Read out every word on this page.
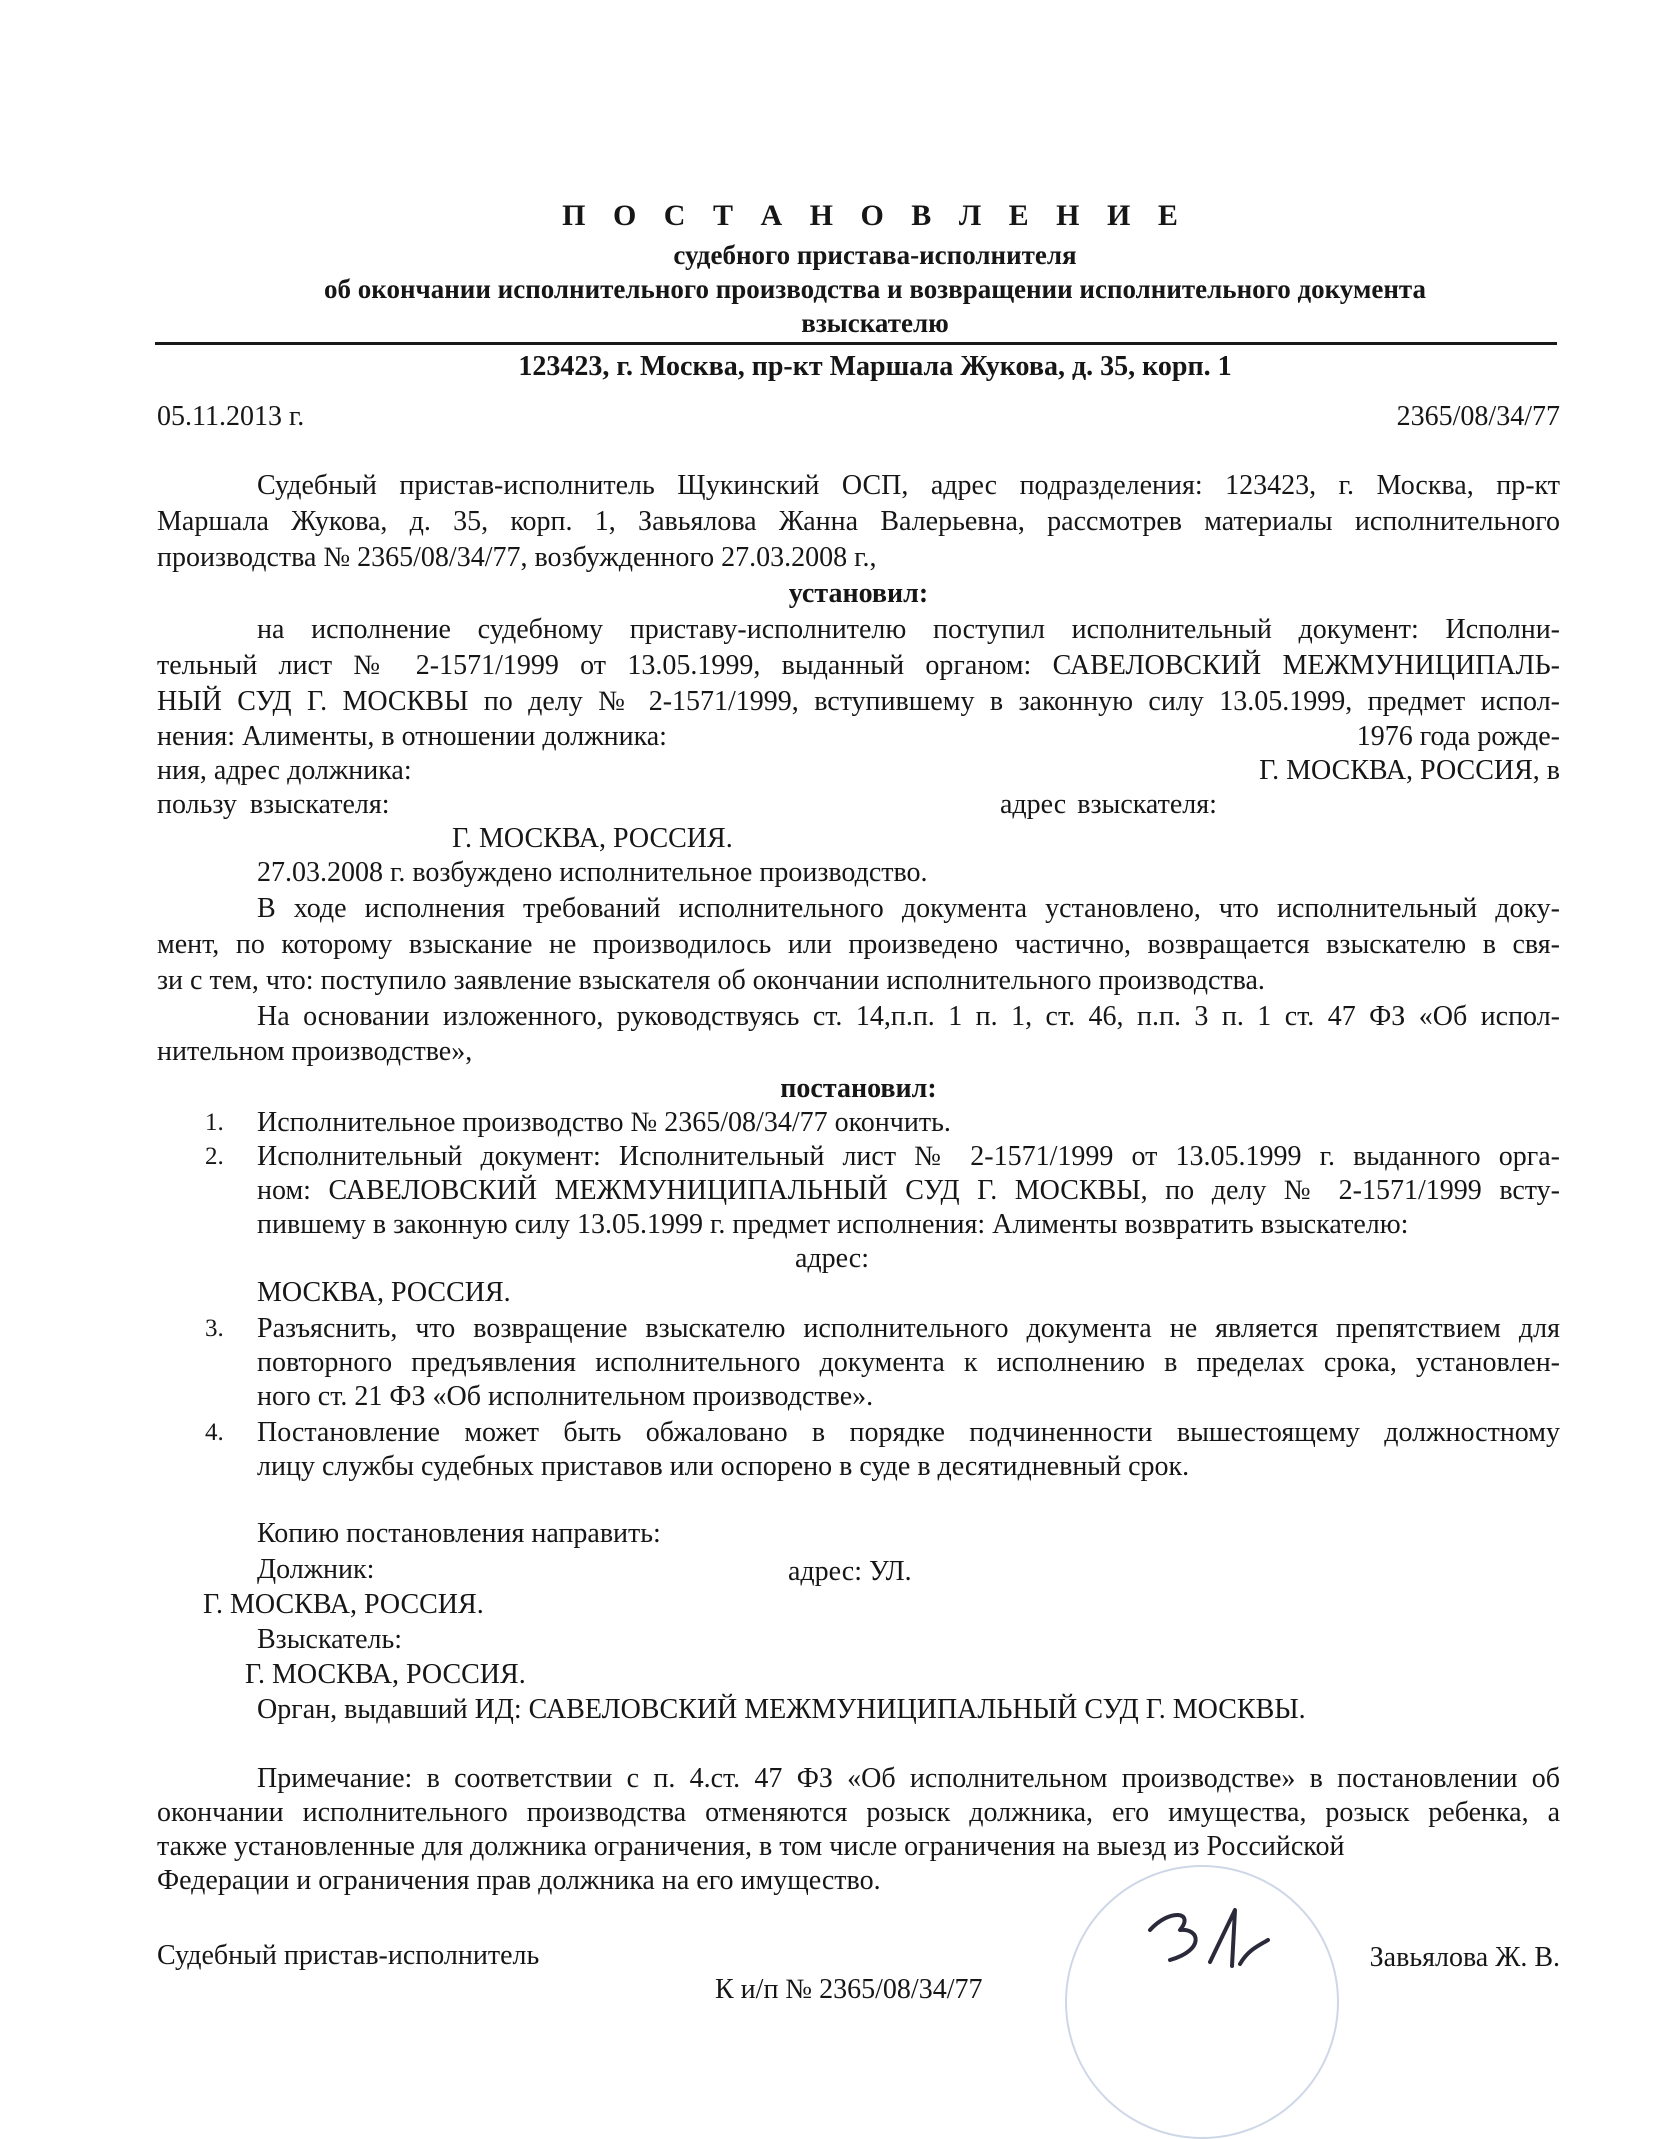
П О С Т А Н О В Л Е Н И Е
судебного пристава-исполнителя
об окончании исполнительного производства и возвращении исполнительного документа
взыскателю
123423, г. Москва, пр-кт Маршала Жукова, д. 35, корп. 1
05.11.2013 г.	2365/08/34/77
Судебный пристав-исполнитель Щукинский ОСП, адрес подразделения: 123423, г. Москва, пр-кт
Маршала Жукова, д. 35, корп. 1, Завьялова Жанна Валерьевна, рассмотрев материалы исполнительного
производства № 2365/08/34/77, возбужденного 27.03.2008 г.,
установил:
на исполнение судебному приставу-исполнителю поступил исполнительный документ: Исполни-
тельный лист № 2-1571/1999 от 13.05.1999, выданный органом: САВЕЛОВСКИЙ МЕЖМУНИЦИПАЛЬ-
НЫЙ СУД Г. МОСКВЫ по делу № 2-1571/1999, вступившему в законную силу 13.05.1999, предмет испол-
нения: Алименты, в отношении должника:	1976 года рожде-
ния, адрес должника:	Г. МОСКВА, РОССИЯ, в
пользу взыскателя:	адрес взыскателя:
Г. МОСКВА, РОССИЯ.
27.03.2008 г. возбуждено исполнительное производство.
В ходе исполнения требований исполнительного документа установлено, что исполнительный доку-
мент, по которому взыскание не производилось или произведено частично, возвращается взыскателю в свя-
зи с тем, что: поступило заявление взыскателя об окончании исполнительного производства.
На основании изложенного, руководствуясь ст. 14,п.п. 1 п. 1, ст. 46, п.п. 3 п. 1 ст. 47 ФЗ «Об испол-
нительном производстве»,
постановил:
1. Исполнительное производство № 2365/08/34/77 окончить.
2. Исполнительный документ: Исполнительный лист № 2-1571/1999 от 13.05.1999 г. выданного орга-
ном: САВЕЛОВСКИЙ МЕЖМУНИЦИПАЛЬНЫЙ СУД Г. МОСКВЫ, по делу № 2-1571/1999 всту-
пившему в законную силу 13.05.1999 г. предмет исполнения: Алименты возвратить взыскателю:
адрес:
МОСКВА, РОССИЯ.
3. Разъяснить, что возвращение взыскателю исполнительного документа не является препятствием для
повторного предъявления исполнительного документа к исполнению в пределах срока, установлен-
ного ст. 21 ФЗ «Об исполнительном производстве».
4. Постановление может быть обжаловано в порядке подчиненности вышестоящему должностному
лицу службы судебных приставов или оспорено в суде в десятидневный срок.
Копию постановления направить:
Должник:	адрес: УЛ.
Г. МОСКВА, РОССИЯ.
Взыскатель:
Г. МОСКВА, РОССИЯ.
Орган, выдавший ИД: САВЕЛОВСКИЙ МЕЖМУНИЦИПАЛЬНЫЙ СУД Г. МОСКВЫ.
Примечание: в соответствии с п. 4.ст. 47 ФЗ «Об исполнительном производстве» в постановлении об
окончании исполнительного производства отменяются розыск должника, его имущества, розыск ребенка, а
также установленные для должника ограничения, в том числе ограничения на выезд из Российской
Федерации и ограничения прав должника на его имущество.
Судебный пристав-исполнитель	Завьялова Ж. В.
К и/п № 2365/08/34/77
